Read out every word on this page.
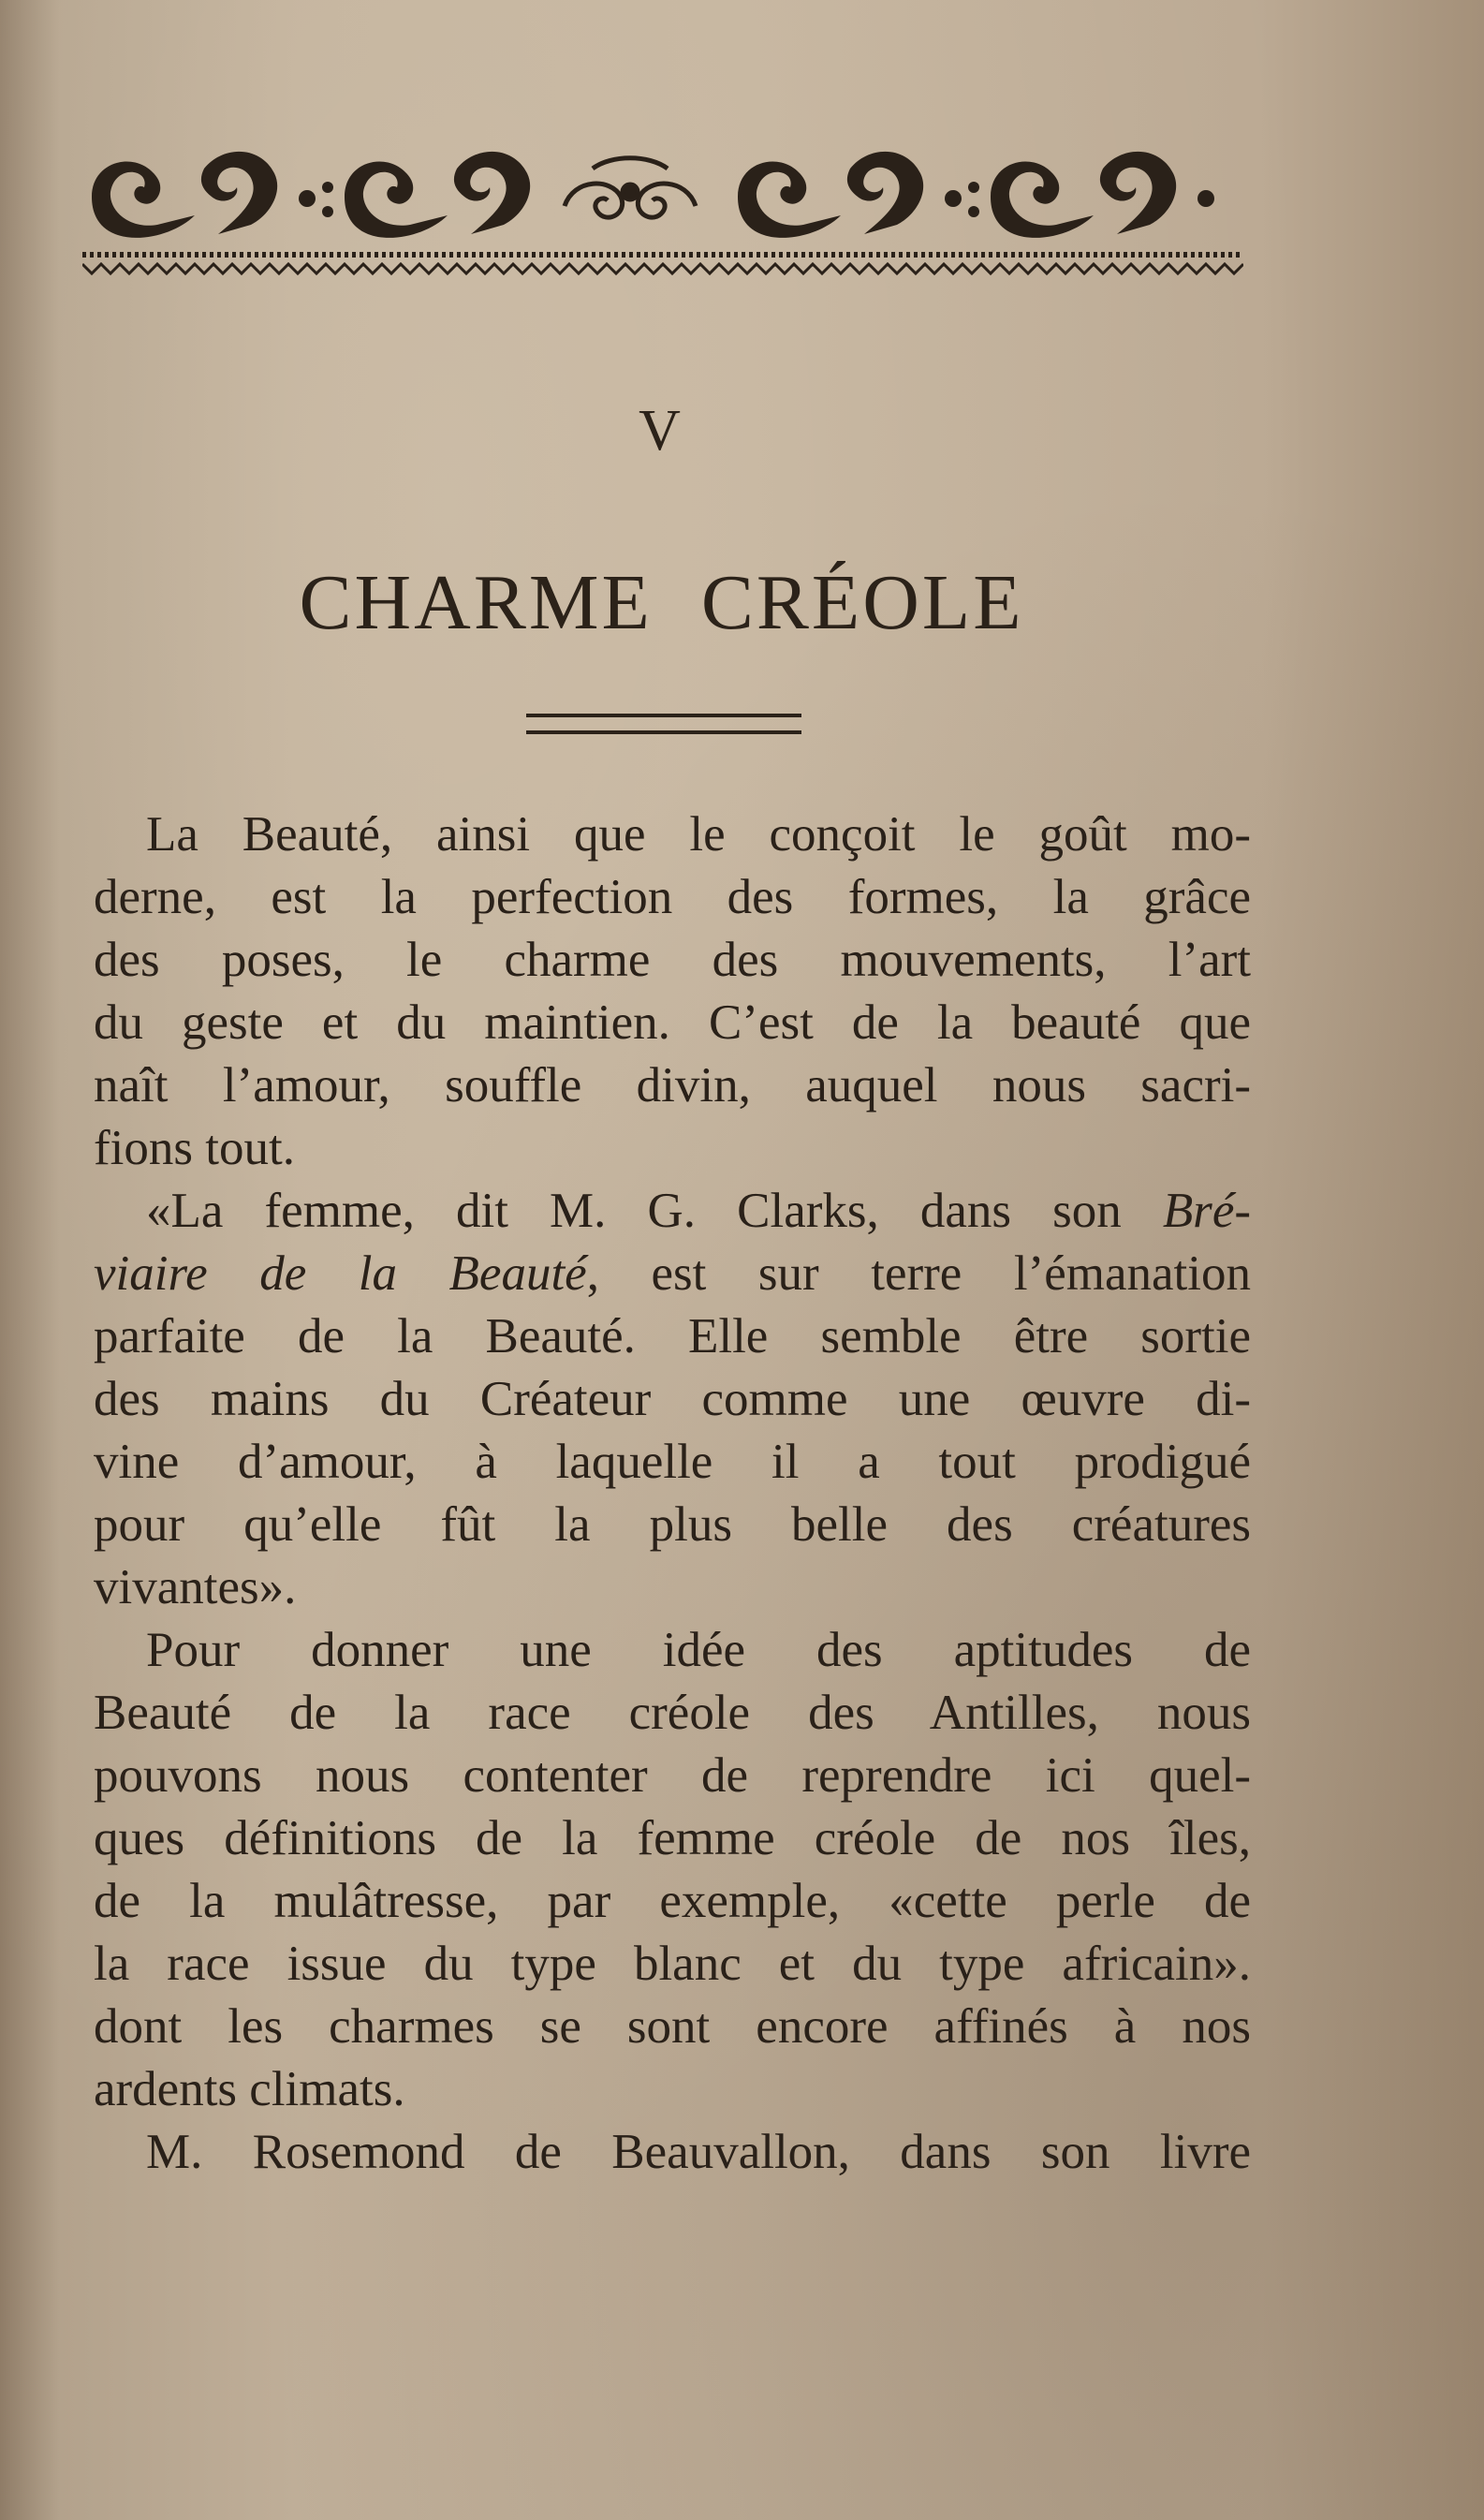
V
CHARME CRÉOLE
La Beauté, ainsi que le conçoit le goût mo-
derne, est la perfection des formes, la grâce
des poses, le charme des mouvements, l’art
du geste et du maintien. C’est de la beauté que
naît l’amour, souffle divin, auquel nous sacri-
fions tout.
«La femme, dit M. G. Clarks, dans son Bré-
viaire de la Beauté, est sur terre l’émanation
parfaite de la Beauté. Elle semble être sortie
des mains du Créateur comme une œuvre di-
vine d’amour, à laquelle il a tout prodigué
pour qu’elle fût la plus belle des créatures
vivantes».
Pour donner une idée des aptitudes de
Beauté de la race créole des Antilles, nous
pouvons nous contenter de reprendre ici quel-
ques définitions de la femme créole de nos îles,
de la mulâtresse, par exemple, «cette perle de
la race issue du type blanc et du type africain».
dont les charmes se sont encore affinés à nos
ardents climats.
M. Rosemond de Beauvallon, dans son livre
